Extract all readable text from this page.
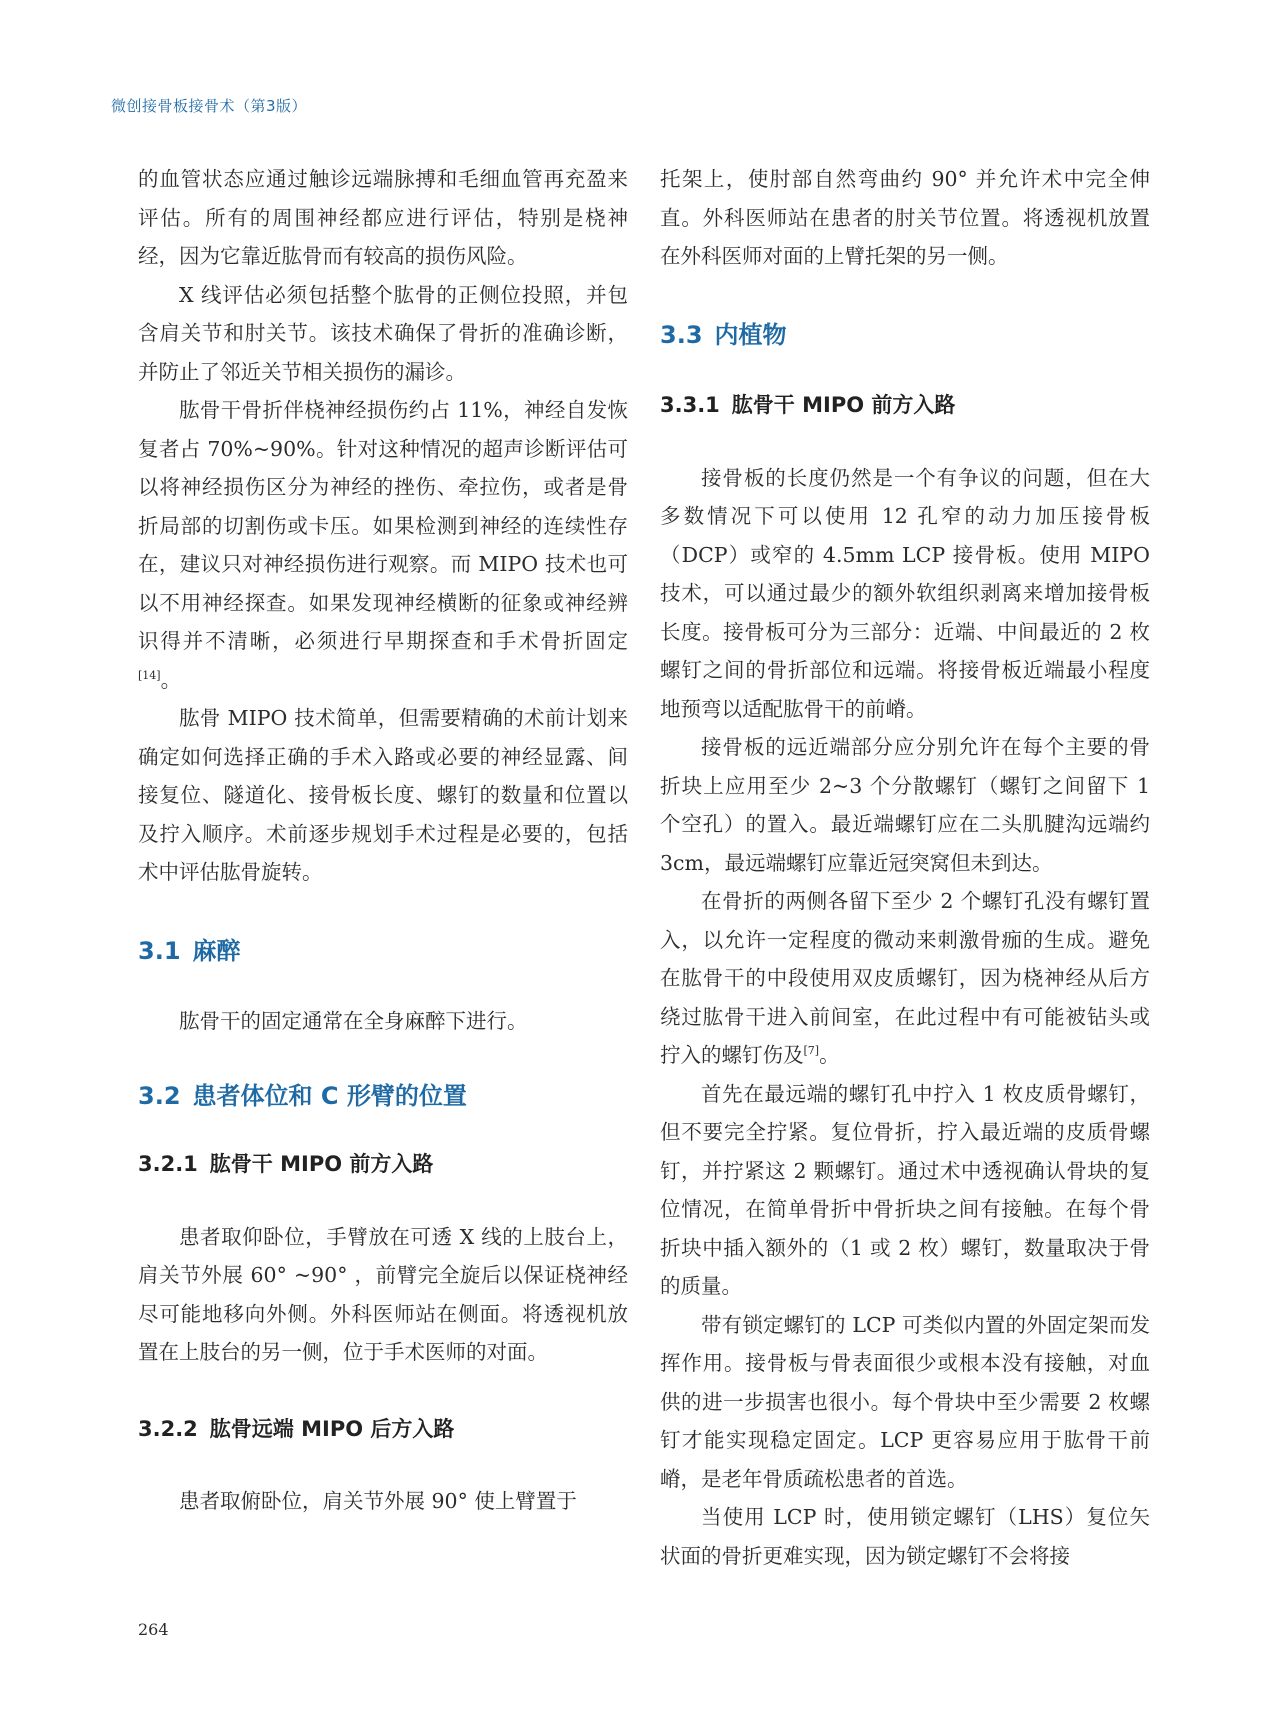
微创接骨板接骨术（第3版）

的血管状态应通过触诊远端脉搏和毛细血管再充盈来评估。所有的周围神经都应进行评估，特别是桡神经，因为它靠近肱骨而有较高的损伤风险。

X 线评估必须包括整个肱骨的正侧位投照，并包含肩关节和肘关节。该技术确保了骨折的准确诊断，并防止了邻近关节相关损伤的漏诊。

肱骨干骨折伴桡神经损伤约占 11%，神经自发恢复者占 70%~90%。针对这种情况的超声诊断评估可以将神经损伤区分为神经的挫伤、牵拉伤，或者是骨折局部的切割伤或卡压。如果检测到神经的连续性存在，建议只对神经损伤进行观察。而 MIPO 技术也可以不用神经探查。如果发现神经横断的征象或神经辨识得并不清晰，必须进行早期探查和手术骨折固定[14]。

肱骨 MIPO 技术简单，但需要精确的术前计划来确定如何选择正确的手术入路或必要的神经显露、间接复位、隧道化、接骨板长度、螺钉的数量和位置以及拧入顺序。术前逐步规划手术过程是必要的，包括术中评估肱骨旋转。

3.1 麻醉

肱骨干的固定通常在全身麻醉下进行。

3.2 患者体位和 C 形臂的位置
3.2.1 肱骨干 MIPO 前方入路

患者取仰卧位，手臂放在可透 X 线的上肢台上，肩关节外展 60° ~90° ，前臂完全旋后以保证桡神经尽可能地移向外侧。外科医师站在侧面。将透视机放置在上肢台的另一侧，位于手术医师的对面。

3.2.2 肱骨远端 MIPO 后方入路

患者取俯卧位，肩关节外展 90° 使上臂置于

托架上，使肘部自然弯曲约 90° 并允许术中完全伸直。外科医师站在患者的肘关节位置。将透视机放置在外科医师对面的上臂托架的另一侧。

3.3 内植物
3.3.1 肱骨干 MIPO 前方入路

接骨板的长度仍然是一个有争议的问题，但在大多数情况下可以使用 12 孔窄的动力加压接骨板（DCP）或窄的 4.5mm LCP 接骨板。使用 MIPO 技术，可以通过最少的额外软组织剥离来增加接骨板长度。接骨板可分为三部分：近端、中间最近的 2 枚螺钉之间的骨折部位和远端。将接骨板近端最小程度地预弯以适配肱骨干的前嵴。

接骨板的远近端部分应分别允许在每个主要的骨折块上应用至少 2~3 个分散螺钉（螺钉之间留下 1 个空孔）的置入。最近端螺钉应在二头肌腱沟远端约 3cm，最远端螺钉应靠近冠突窝但未到达。

在骨折的两侧各留下至少 2 个螺钉孔没有螺钉置入，以允许一定程度的微动来刺激骨痂的生成。避免在肱骨干的中段使用双皮质螺钉，因为桡神经从后方绕过肱骨干进入前间室，在此过程中有可能被钻头或拧入的螺钉伤及[7]。

首先在最远端的螺钉孔中拧入 1 枚皮质骨螺钉，但不要完全拧紧。复位骨折，拧入最近端的皮质骨螺钉，并拧紧这 2 颗螺钉。通过术中透视确认骨块的复位情况，在简单骨折中骨折块之间有接触。在每个骨折块中插入额外的（1 或 2 枚）螺钉，数量取决于骨的质量。

带有锁定螺钉的 LCP 可类似内置的外固定架而发挥作用。接骨板与骨表面很少或根本没有接触，对血供的进一步损害也很小。每个骨块中至少需要 2 枚螺钉才能实现稳定固定。LCP 更容易应用于肱骨干前嵴，是老年骨质疏松患者的首选。

当使用 LCP 时，使用锁定螺钉（LHS）复位矢状面的骨折更难实现，因为锁定螺钉不会将接

264
